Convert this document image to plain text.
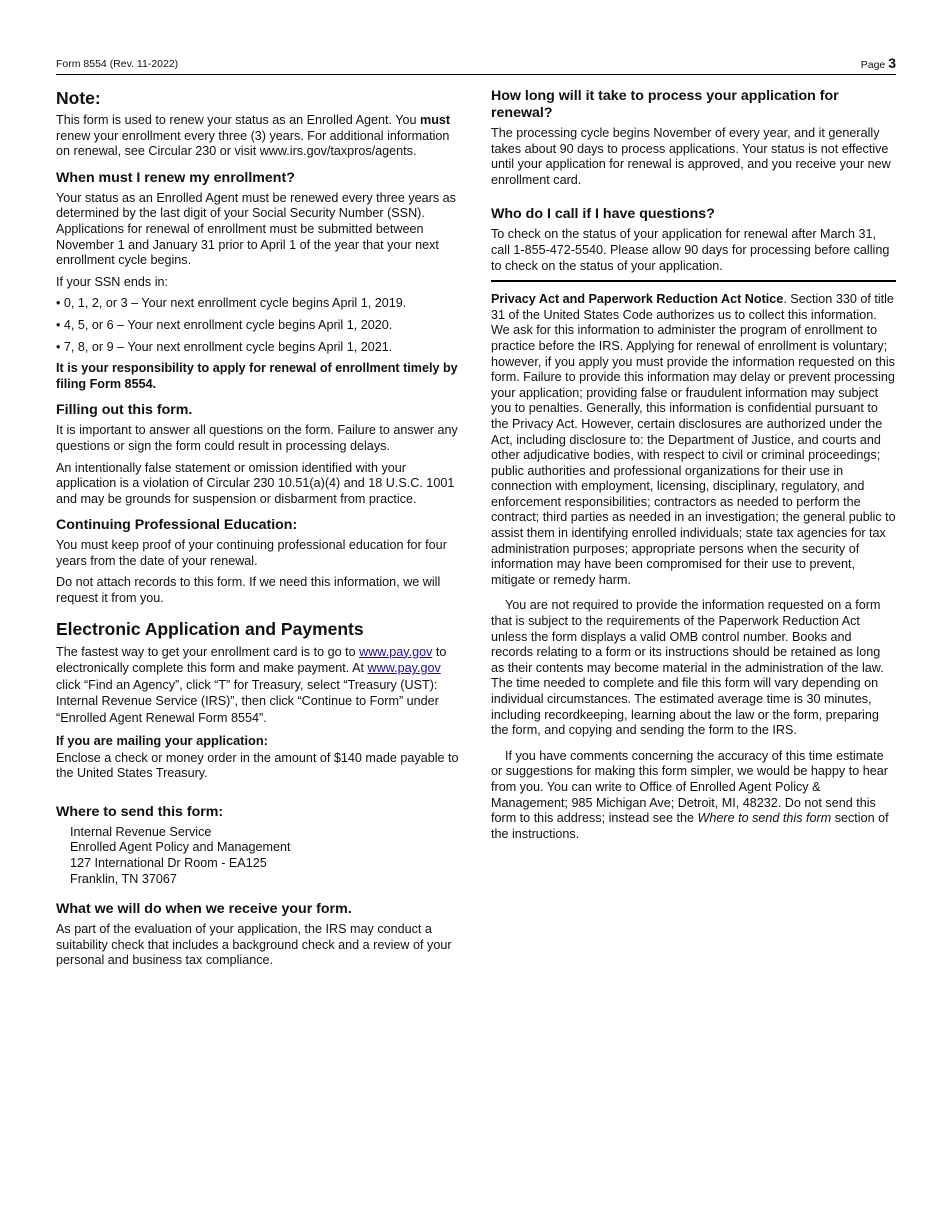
Form 8554 (Rev. 11-2022)	Page 3
Note:

This form is used to renew your status as an Enrolled Agent. You must renew your enrollment every three (3) years. For additional information on renewal, see Circular 230 or visit www.irs.gov/taxpros/agents.

When must I renew my enrollment?

Your status as an Enrolled Agent must be renewed every three years as determined by the last digit of your Social Security Number (SSN). Applications for renewal of enrollment must be submitted between November 1 and January 31 prior to April 1 of the year that your next enrollment cycle begins.

If your SSN ends in:

• 0, 1, 2, or 3 – Your next enrollment cycle begins April 1, 2019.

• 4, 5, or 6 – Your next enrollment cycle begins April 1, 2020.

• 7, 8, or 9 – Your next enrollment cycle begins April 1, 2021.

It is your responsibility to apply for renewal of enrollment timely by filing Form 8554.

Filling out this form.

It is important to answer all questions on the form. Failure to answer any questions or sign the form could result in processing delays.

An intentionally false statement or omission identified with your application is a violation of Circular 230 10.51(a)(4) and 18 U.S.C. 1001 and may be grounds for suspension or disbarment from practice.

Continuing Professional Education:

You must keep proof of your continuing professional education for four years from the date of your renewal.

Do not attach records to this form. If we need this information, we will request it from you.

Electronic Application and Payments

The fastest way to get your enrollment card is to go to www.pay.gov to electronically complete this form and make payment. At www.pay.gov click “Find an Agency”, click “T” for Treasury, select “Treasury (UST): Internal Revenue Service (IRS)”, then click “Continue to Form” under “Enrolled Agent Renewal Form 8554”.

If you are mailing your application:

Enclose a check or money order in the amount of $140 made payable to the United States Treasury.

Where to send this form:
Internal Revenue Service
Enrolled Agent Policy and Management
127 International Dr Room - EA125
Franklin, TN 37067
What we will do when we receive your form.

As part of the evaluation of your application, the IRS may conduct a suitability check that includes a background check and a review of your personal and business tax compliance.

How long will it take to process your application for renewal?

The processing cycle begins November of every year, and it generally takes about 90 days to process applications. Your status is not effective until your application for renewal is approved, and you receive your new enrollment card.

Who do I call if I have questions?

To check on the status of your application for renewal after March 31, call 1-855-472-5540. Please allow 90 days for processing before calling to check on the status of your application.

Privacy Act and Paperwork Reduction Act Notice. Section 330 of title 31 of the United States Code authorizes us to collect this information. We ask for this information to administer the program of enrollment to practice before the IRS. Applying for renewal of enrollment is voluntary; however, if you apply you must provide the information requested on this form. Failure to provide this information may delay or prevent processing your application; providing false or fraudulent information may subject you to penalties. Generally, this information is confidential pursuant to the Privacy Act. However, certain disclosures are authorized under the Act, including disclosure to: the Department of Justice, and courts and other adjudicative bodies, with respect to civil or criminal proceedings; public authorities and professional organizations for their use in connection with employment, licensing, disciplinary, regulatory, and enforcement responsibilities; contractors as needed to perform the contract; third parties as needed in an investigation; the general public to assist them in identifying enrolled individuals; state tax agencies for tax administration purposes; appropriate persons when the security of information may have been compromised for their use to prevent, mitigate or remedy harm.

You are not required to provide the information requested on a form that is subject to the requirements of the Paperwork Reduction Act unless the form displays a valid OMB control number. Books and records relating to a form or its instructions should be retained as long as their contents may become material in the administration of the law. The time needed to complete and file this form will vary depending on individual circumstances. The estimated average time is 30 minutes, including recordkeeping, learning about the law or the form, preparing the form, and copying and sending the form to the IRS.

If you have comments concerning the accuracy of this time estimate or suggestions for making this form simpler, we would be happy to hear from you. You can write to Office of Enrolled Agent Policy & Management; 985 Michigan Ave; Detroit, MI, 48232. Do not send this form to this address; instead see the Where to send this form section of the instructions.
